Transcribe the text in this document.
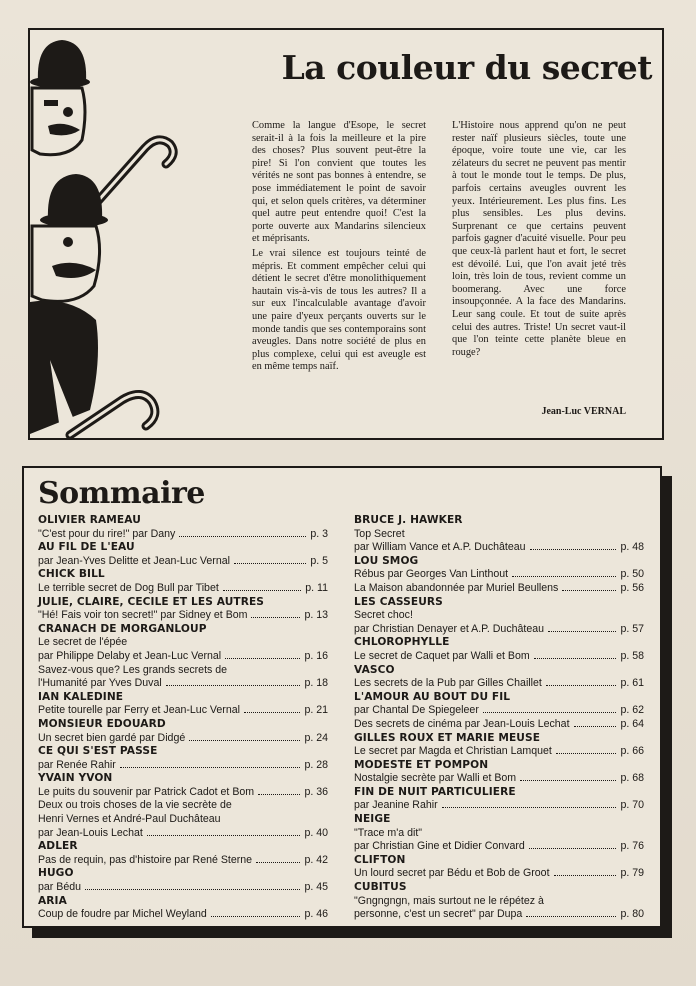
La couleur du secret

Comme la langue d'Esope, le secret serait-il à la fois la meilleure et la pire des choses? Plus souvent peut-être la pire! Si l'on convient que toutes les vérités ne sont pas bonnes à entendre, se pose immédiatement le point de savoir qui, et selon quels critères, va déterminer quel autre peut entendre quoi! C'est la porte ouverte aux Mandarins silencieux et méprisants.

Le vrai silence est toujours teinté de mépris. Et comment empêcher celui qui détient le secret d'être monolithiquement hautain vis-à-vis de tous les autres? Il a sur eux l'incalculable avantage d'avoir une paire d'yeux perçants ouverts sur le monde tandis que ses contemporains sont aveugles. Dans notre société de plus en plus complexe, celui qui est aveugle est en même temps naïf.

L'Histoire nous apprend qu'on ne peut rester naïf plusieurs siècles, toute une époque, voire toute une vie, car les zélateurs du secret ne peuvent pas mentir à tout le monde tout le temps. De plus, parfois certains aveugles ouvrent les yeux. Intérieurement. Les plus fins. Les plus sensibles. Les plus devins. Surprenant ce que certains peuvent parfois gagner d'acuité visuelle. Pour peu que ceux-là parlent haut et fort, le secret est dévoilé. Lui, que l'on avait jeté très loin, très loin de tous, revient comme un boomerang. Avec une force insoupçonnée. A la face des Mandarins. Leur sang coule. Et tout de suite après celui des autres. Triste! Un secret vaut-il que l'on teinte cette planète bleue en rouge?

Jean-Luc VERNAL
Sommaire
OLIVIER RAMEAU
"C'est pour du rire!" par Dany	p. 3
AU FIL DE L'EAU
par Jean-Yves Delitte et Jean-Luc Vernal	p. 5
CHICK BILL
Le terrible secret de Dog Bull par Tibet	p. 11
JULIE, CLAIRE, CECILE ET LES AUTRES
"Hé! Fais voir ton secret!" par Sidney et Bom	p. 13
CRANACH DE MORGANLOUP
Le secret de l'épée
par Philippe Delaby et Jean-Luc Vernal	p. 16
Savez-vous que? Les grands secrets de
l'Humanité par Yves Duval	p. 18
IAN KALEDINE
Petite tourelle par Ferry et Jean-Luc Vernal	p. 21
MONSIEUR EDOUARD
Un secret bien gardé par Didgé	p. 24
CE QUI S'EST PASSE
par Renée Rahir	p. 28
YVAIN YVON
Le puits du souvenir par Patrick Cadot et Bom	p. 36
Deux ou trois choses de la vie secrète de
Henri Vernes et André-Paul Duchâteau
par Jean-Louis Lechat	p. 40
ADLER
Pas de requin, pas d'histoire par René Sterne	p. 42
HUGO
par Bédu	p. 45
ARIA
Coup de foudre par Michel Weyland	p. 46
BRUCE J. HAWKER
Top Secret
par William Vance et A.P. Duchâteau	p. 48
LOU SMOG
Rébus par Georges Van Linthout	p. 50
La Maison abandonnée par Muriel Beullens	p. 56
LES CASSEURS
Secret choc!
par Christian Denayer et A.P. Duchâteau	p. 57
CHLOROPHYLLE
Le secret de Caquet par Walli et Bom	p. 58
VASCO
Les secrets de la Pub par Gilles Chaillet	p. 61
L'AMOUR AU BOUT DU FIL
par Chantal De Spiegeleer	p. 62
Des secrets de cinéma par Jean-Louis Lechat	p. 64
GILLES ROUX ET MARIE MEUSE
Le secret par Magda et Christian Lamquet	p. 66
MODESTE ET POMPON
Nostalgie secrète par Walli et Bom	p. 68
FIN DE NUIT PARTICULIERE
par Jeanine Rahir	p. 70
NEIGE
"Trace m'a dit"
par Christian Gine et Didier Convard	p. 76
CLIFTON
Un lourd secret par Bédu et Bob de Groot	p. 79
CUBITUS
"Gngngngn, mais surtout ne le répétez à
personne, c'est un secret" par Dupa	p. 80
